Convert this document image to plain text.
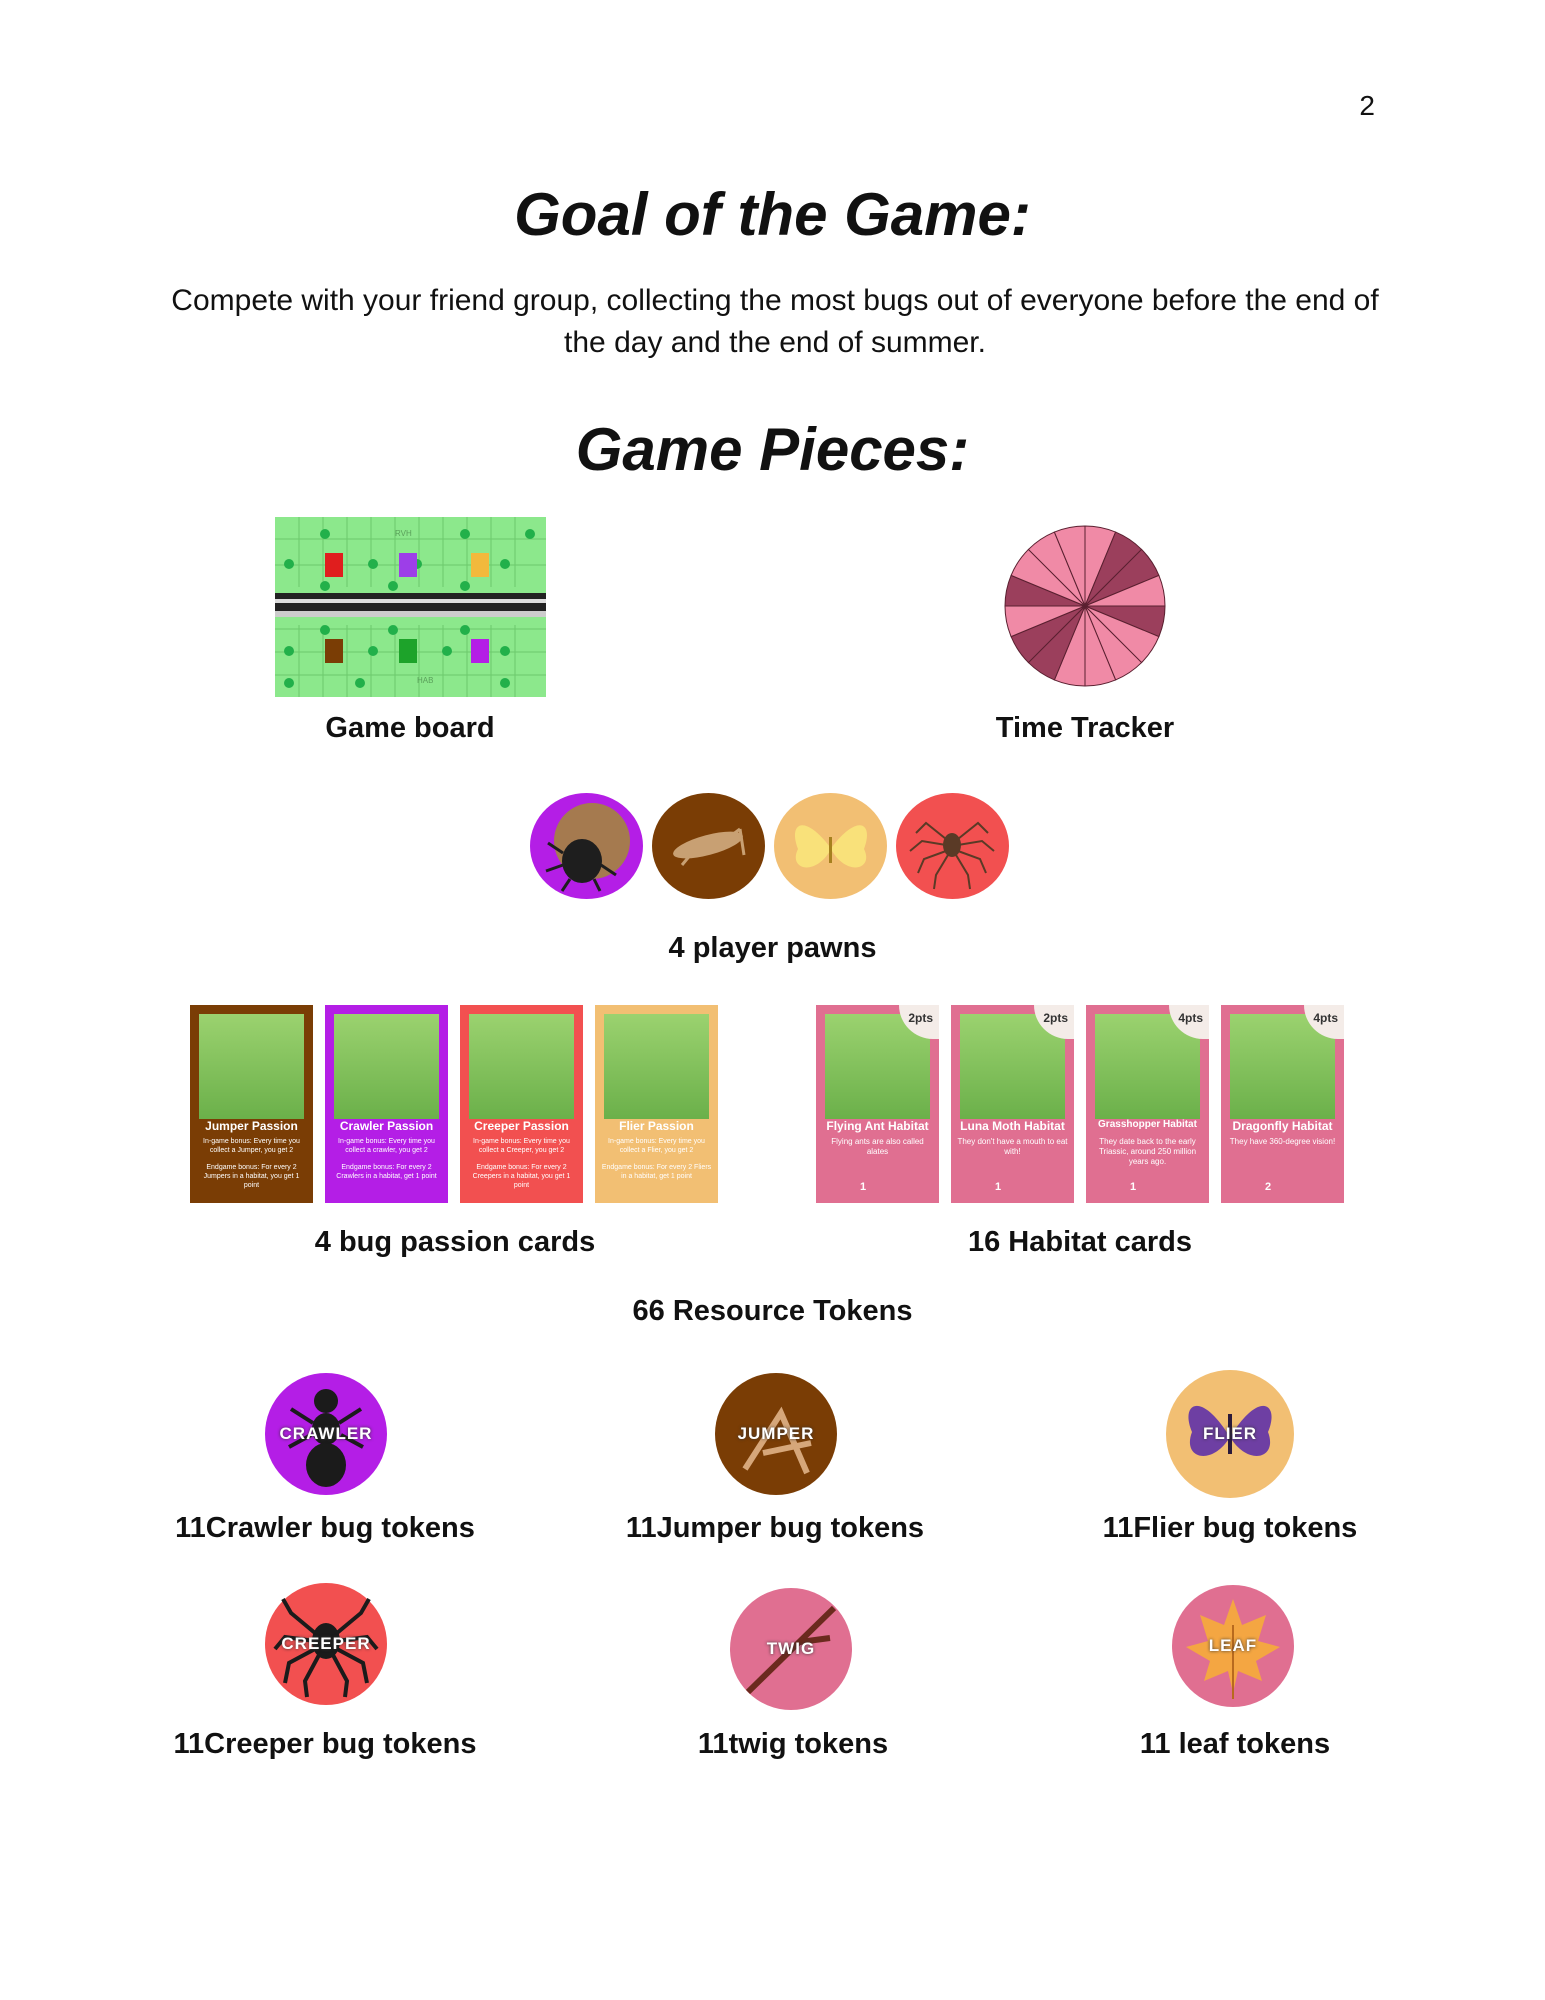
2
Goal of the Game:
Compete with your friend group, collecting the most bugs out of everyone before the end of the day and the end of summer.
Game Pieces:
RVH
HAB
Game board	Time Tracker
4 player pawns
Jumper Passion
In-game bonus: Every time you collect a Jumper, you get 2
Endgame bonus: For every 2 Jumpers in a habitat, you get 1 point
Crawler Passion
In-game bonus: Every time you collect a crawler, you get 2
Endgame bonus: For every 2 Crawlers in a habitat, get 1 point
Creeper Passion
In-game bonus: Every time you collect a Creeper, you get 2
Endgame bonus: For every 2 Creepers in a habitat, you get 1 point
Flier Passion
In-game bonus: Every time you collect a Flier, you get 2
Endgame bonus: For every 2 Fliers in a habitat, get 1 point
4 bug passion cards
2pts
Flying Ant Habitat
Flying ants are also called alates
1
2pts
Luna Moth Habitat
They don't have a mouth to eat with!
1
4pts
Grasshopper Habitat
They date back to the early Triassic, around 250 million years ago.
1
4pts
Dragonfly Habitat
They have 360-degree vision!
2
16 Habitat cards
66 Resource Tokens
CRAWLER
11Crawler bug tokens
JUMPER
11Jumper bug tokens
FLIER
11Flier bug tokens
CREEPER
11Creeper bug tokens
TWIG
11twig tokens
LEAF
11 leaf tokens
